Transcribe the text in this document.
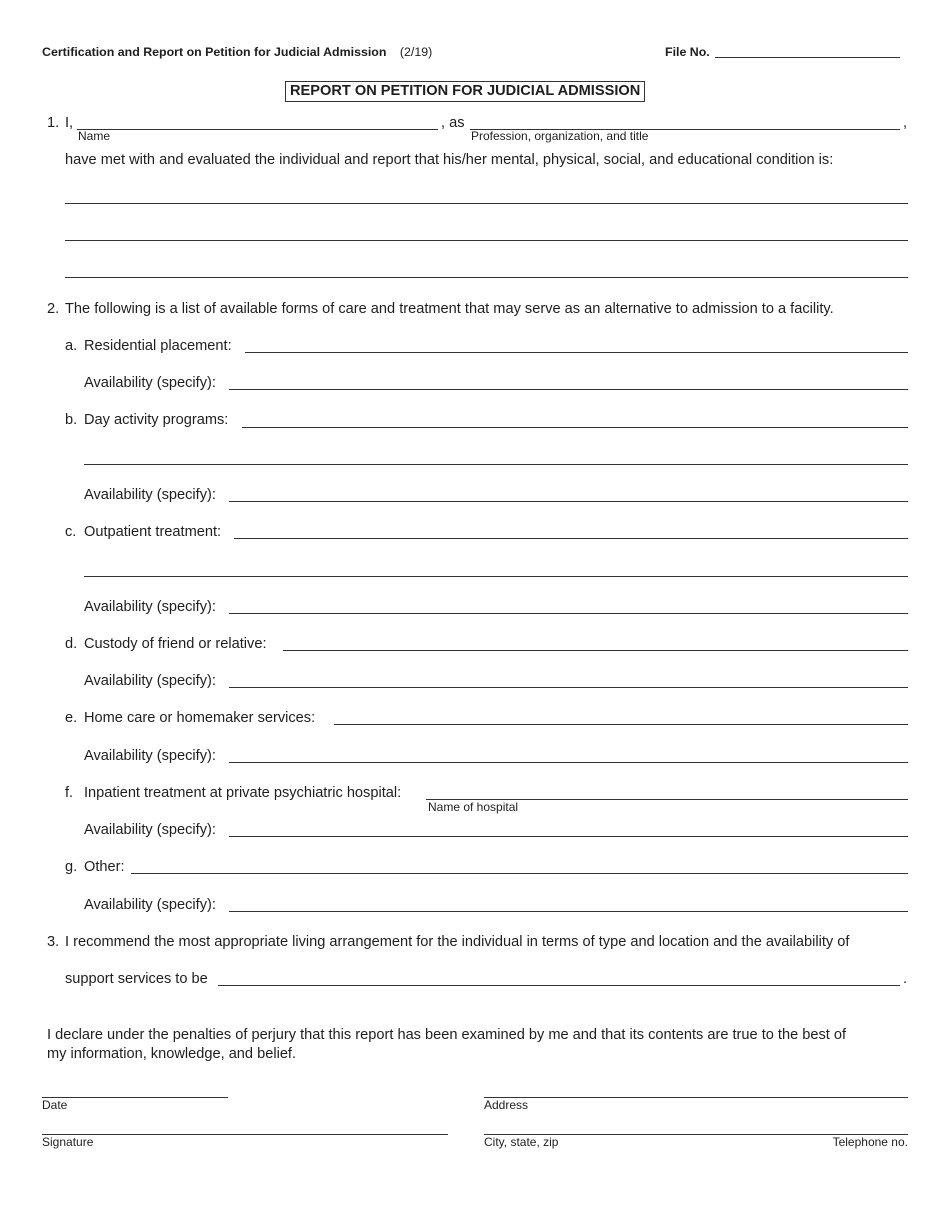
Certification and Report on Petition for Judicial Admission (2/19)	File No.
REPORT ON PETITION FOR JUDICIAL ADMISSION
1. I,
Name
, as
Profession, organization, and title
,
have met with and evaluated the individual and report that his/her mental, physical, social, and educational condition is:
2. The following is a list of available forms of care and treatment that may serve as an alternative to admission to a facility.
a. Residential placement:
Availability (specify):
b. Day activity programs:
Availability (specify):
c. Outpatient treatment:
Availability (specify):
d. Custody of friend or relative:
Availability (specify):
e. Home care or homemaker services:
Availability (specify):
f. Inpatient treatment at private psychiatric hospital:
Name of hospital
Availability (specify):
g. Other:
Availability (specify):
3. I recommend the most appropriate living arrangement for the individual in terms of type and location and the availability of
support services to be	.
I declare under the penalties of perjury that this report has been examined by me and that its contents are true to the best of
my information, knowledge, and belief.
Date
Signature
Address
City, state, zip	Telephone no.
